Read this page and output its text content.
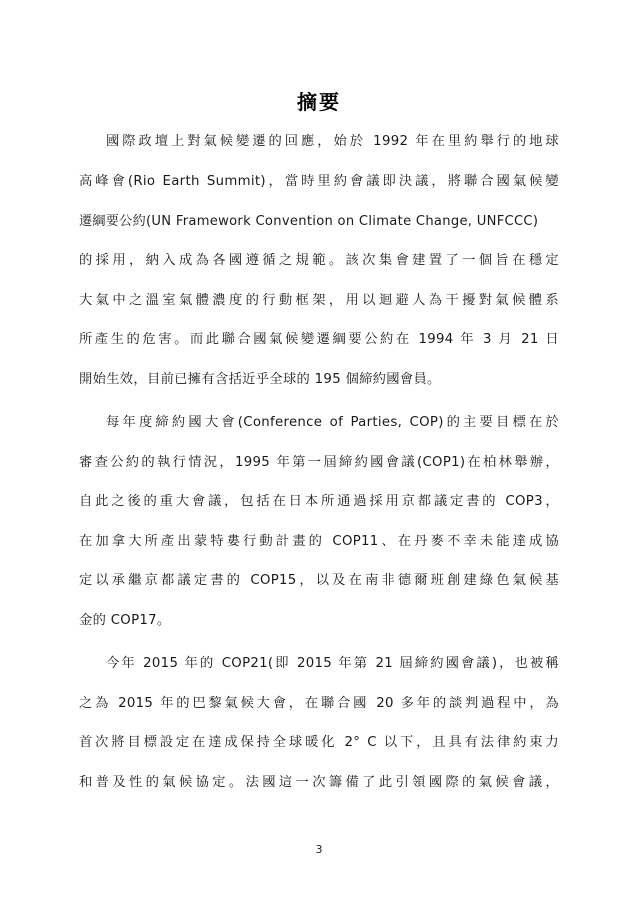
摘要
國際政壇上對氣候變遷的回應，始於 1992 年在里約舉行的地球
高峰會(Rio Earth Summit)，當時里約會議即決議，將聯合國氣候變
遷綱要公約(UN Framework Convention on Climate Change, UNFCCC)
的採用，納入成為各國遵循之規範。該次集會建置了一個旨在穩定
大氣中之溫室氣體濃度的行動框架，用以迴避人為干擾對氣候體系
所產生的危害。而此聯合國氣候變遷綱要公約在 1994 年 3 月 21 日
開始生效，目前已擁有含括近乎全球的 195 個締約國會員。
每年度締約國大會(Conference of Parties, COP)的主要目標在於
審查公約的執行情況，1995 年第一屆締約國會議(COP1)在柏林舉辦，
自此之後的重大會議，包括在日本所通過採用京都議定書的 COP3，
在加拿大所產出蒙特婁行動計畫的 COP11、在丹麥不幸未能達成協
定以承繼京都議定書的 COP15，以及在南非德爾班創建綠色氣候基
金的 COP17。
今年 2015 年的 COP21(即 2015 年第 21 屆締約國會議)，也被稱
之為 2015 年的巴黎氣候大會，在聯合國 20 多年的談判過程中，為
首次將目標設定在達成保持全球暖化 2° C 以下，且具有法律約束力
和普及性的氣候協定。法國這一次籌備了此引領國際的氣候會議，
3
